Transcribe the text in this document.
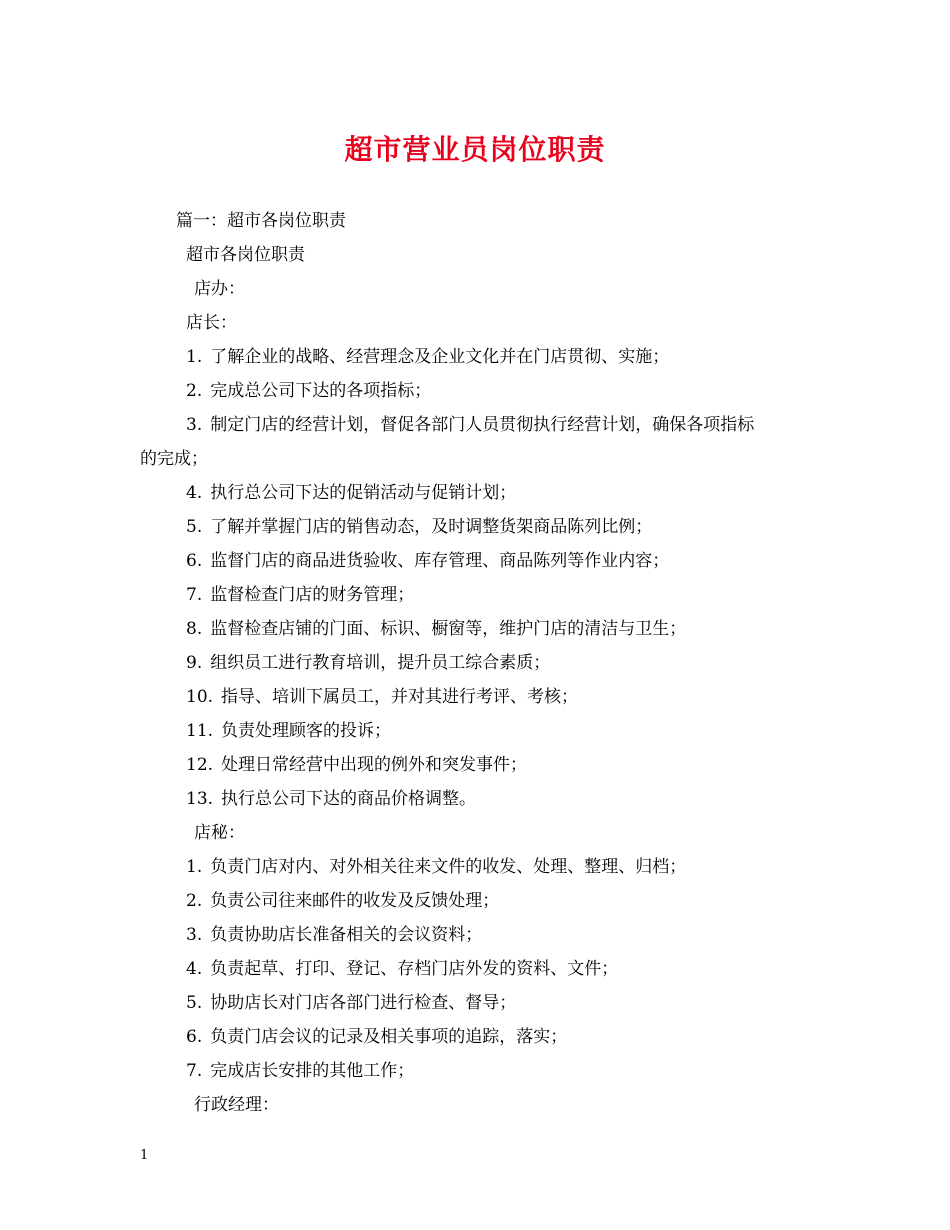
超市营业员岗位职责

篇一：超市各岗位职责

超市各岗位职责

店办：

店长：

1. 了解企业的战略、经营理念及企业文化并在门店贯彻、实施；

2. 完成总公司下达的各项指标；

3. 制定门店的经营计划，督促各部门人员贯彻执行经营计划，确保各项指标

的完成；

4. 执行总公司下达的促销活动与促销计划；

5. 了解并掌握门店的销售动态，及时调整货架商品陈列比例；

6. 监督门店的商品进货验收、库存管理、商品陈列等作业内容；

7. 监督检查门店的财务管理；

8. 监督检查店铺的门面、标识、橱窗等，维护门店的清洁与卫生；

9. 组织员工进行教育培训，提升员工综合素质；

10. 指导、培训下属员工，并对其进行考评、考核；

11. 负责处理顾客的投诉；

12. 处理日常经营中出现的例外和突发事件；

13. 执行总公司下达的商品价格调整。

店秘：

1. 负责门店对内、对外相关往来文件的收发、处理、整理、归档；

2. 负责公司往来邮件的收发及反馈处理；

3. 负责协助店长准备相关的会议资料；

4. 负责起草、打印、登记、存档门店外发的资料、文件；

5. 协助店长对门店各部门进行检查、督导；

6. 负责门店会议的记录及相关事项的追踪，落实；

7. 完成店长安排的其他工作；

行政经理：

1
